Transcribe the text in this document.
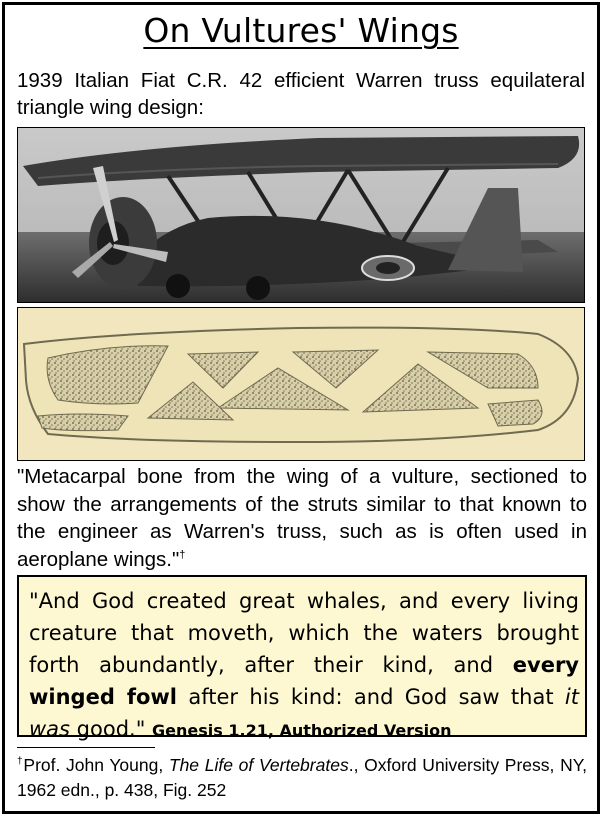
On Vultures' Wings
1939 Italian Fiat C.R. 42 efficient Warren truss equilateral triangle wing design:
"Metacarpal bone from the wing of a vulture, sectioned to show the arrangements of the struts similar to that known to the engineer as Warren's truss, such as is often used in aeroplane wings."†
"And God created great whales, and every living creature that moveth, which the waters brought forth abundantly, after their kind, and every winged fowl after his kind: and God saw that it was good." Genesis 1.21, Authorized Version
†Prof. John Young, The Life of Vertebrates., Oxford University Press, NY, 1962 edn., p. 438, Fig. 252
